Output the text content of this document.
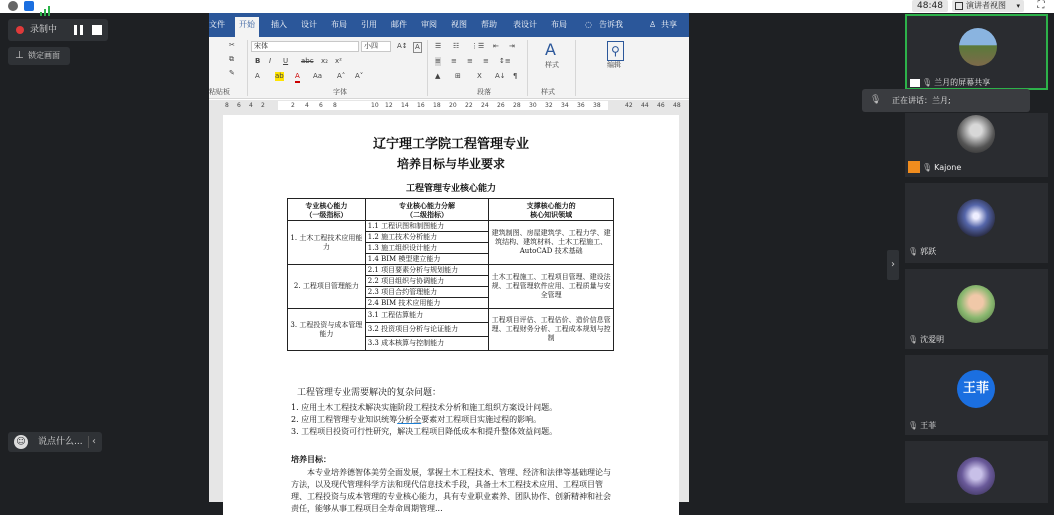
48:48	演讲者视图 ▾	⛶
录制中
⊥ 锁定画面
☺ 说点什么... ‹
文件	开始	插入 设计 布局 引用 邮件 审阅 视图 帮助 表设计 布局 ◌ 告诉我	♙ 共享
✂
⧉
✎
粘贴板
宋体	小四	A↕ A
B I U abc x₂ x²
A ab A Aa A˄ A˅
字体
☰ ☷ ⋮☰ ⇤ ⇥
≡ ≡ ≡ ≡ ↕≡
▲ ⊞ X A↓ ¶
段落
A
样式
样式
⚲
编辑
8 6 4 2	2 4 6 8	10 12 14 16 18 20 22 24 26 28 30 32 34 36 38	42 44 46 48
辽宁理工学院工程管理专业
培养目标与毕业要求
工程管理专业核心能力
专业核心能力
（一级指标）	专业核心能力分解
（二级指标）	支撑核心能力的
核心知识领域
1. 土木工程技术应用能力	1.1 工程识图和制图能力	建筑制图、房屋建筑学、工程力学、建筑结构、建筑材料、土木工程施工、AutoCAD 技术基础
	1.2 施工技术分析能力	
	1.3 施工组织设计能力	
	1.4 BIM 模型建立能力	
2. 工程项目管理能力	2.1 项目要素分析与规划能力	土木工程施工、工程项目管理、建设法规、工程管理软件应用、工程质量与安全管理
	2.2 项目组织与协调能力	
	2.3 项目合约管理能力	
	2.4 BIM 技术应用能力	
3. 工程投资与成本管理能力	3.1 工程估算能力	工程项目评估、工程估价、造价信息管理、工程财务分析、工程成本规划与控制
	3.2 投资项目分析与论证能力	
	3.3 成本核算与控制能力	
工程管理专业需要解决的复杂问题：
1. 应用土木工程技术解决实施阶段工程技术分析和施工组织方案设计问题。
2. 应用工程管理专业知识统筹分析全要素对工程项目实施过程的影响。
3. 工程项目投资可行性研究，解决工程项目降低成本和提升整体效益问题。
培养目标：
本专业培养德智体美劳全面发展，掌握土木工程技术、管理、经济和法律等基础理论与方法，以及现代管理科学方法和现代信息技术手段，具备土木工程技术应用、工程项目管理、工程投资与成本管理的专业核心能力，具有专业职业素养、团队协作、创新精神和社会责任，能够从事工程项目全寿命周期管理...
›
🎙 兰月的屏幕共享
🎙 正在讲话：兰月;
🎙 Kajone
🎙 郭跃
🎙 沈爱明
王菲
🎙 王菲
